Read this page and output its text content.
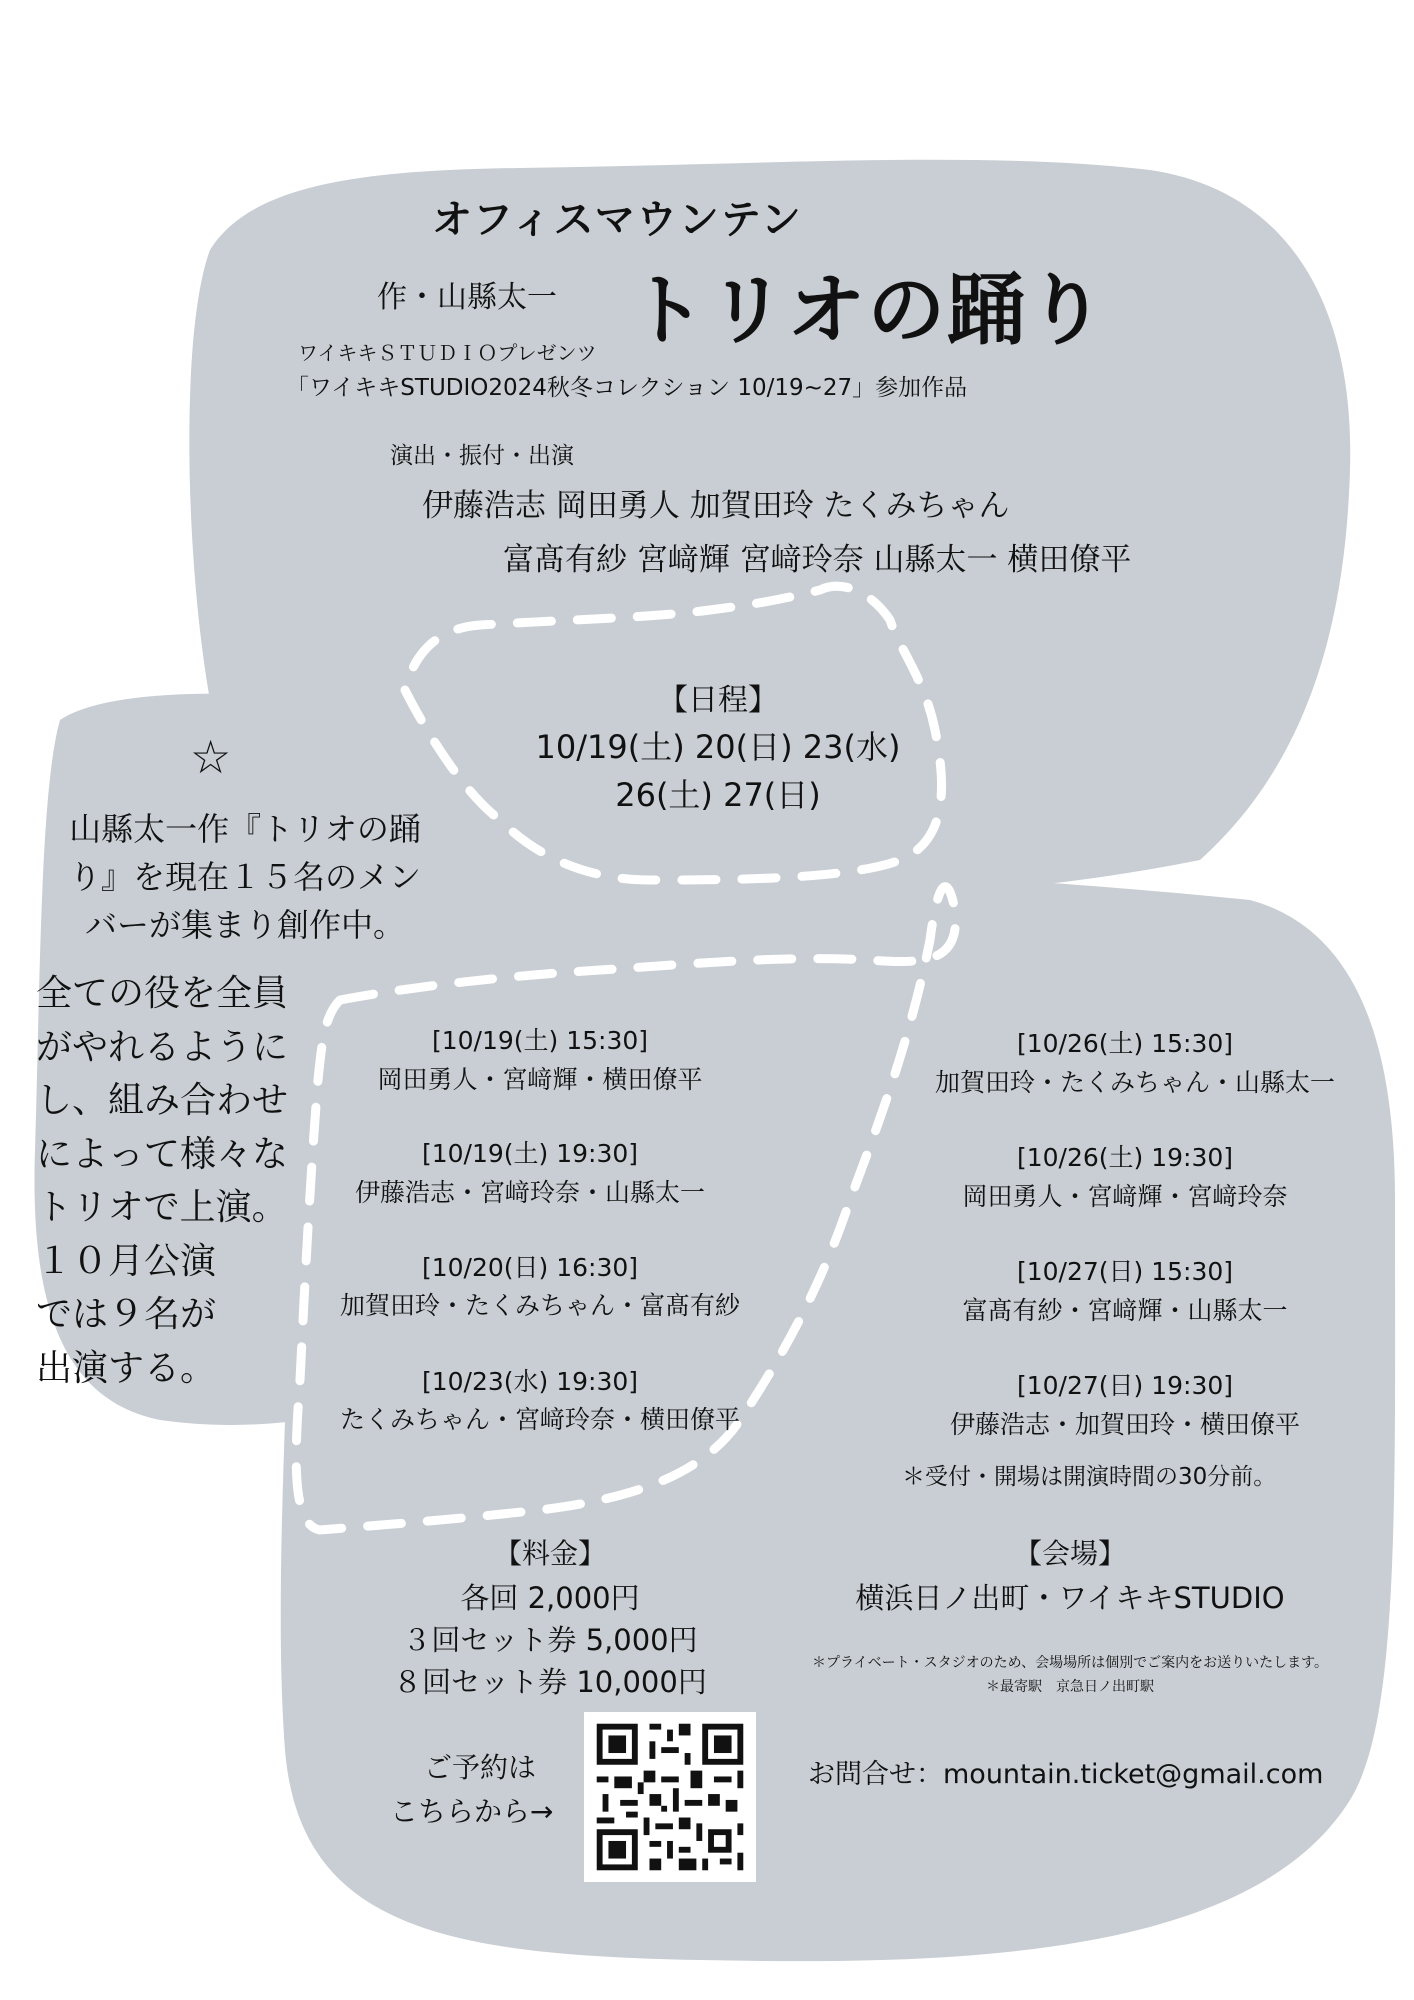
オフィスマウンテン
作・山縣太一 トリオの踊り
ワイキキＳＴＵＤＩＯプレゼンツ
「ワイキキSTUDIO2024秋冬コレクション 10/19~27」参加作品
演出・振付・出演
伊藤浩志 岡田勇人 加賀田玲 たくみちゃん
富髙有紗 宮﨑輝 宮﨑玲奈 山縣太一 横田僚平
【日程】
10/19(土) 20(日) 23(水)
26(土) 27(日)
☆
山縣太一作『トリオの踊
り』を現在１５名のメン
バーが集まり創作中。
全ての役を全員
がやれるように
し、組み合わせ
によって様々な
トリオで上演。
１０月公演
では９名が
出演する。
[10/19(土) 15:30]
岡田勇人・宮﨑輝・横田僚平
[10/19(土) 19:30]
伊藤浩志・宮﨑玲奈・山縣太一
[10/20(日) 16:30]
加賀田玲・たくみちゃん・富髙有紗
[10/23(水) 19:30]
たくみちゃん・宮﨑玲奈・横田僚平
[10/26(土) 15:30]
加賀田玲・たくみちゃん・山縣太一
[10/26(土) 19:30]
岡田勇人・宮﨑輝・宮﨑玲奈
[10/27(日) 15:30]
富髙有紗・宮﨑輝・山縣太一
[10/27(日) 19:30]
伊藤浩志・加賀田玲・横田僚平
＊受付・開場は開演時間の30分前。
【料金】
各回 2,000円
３回セット券 5,000円
８回セット券 10,000円
【会場】
横浜日ノ出町・ワイキキSTUDIO
＊プライベート・スタジオのため、会場場所は個別でご案内をお送りいたします。
＊最寄駅　京急日ノ出町駅
ご予約は
こちらから→
お問合せ：mountain.ticket@gmail.com
